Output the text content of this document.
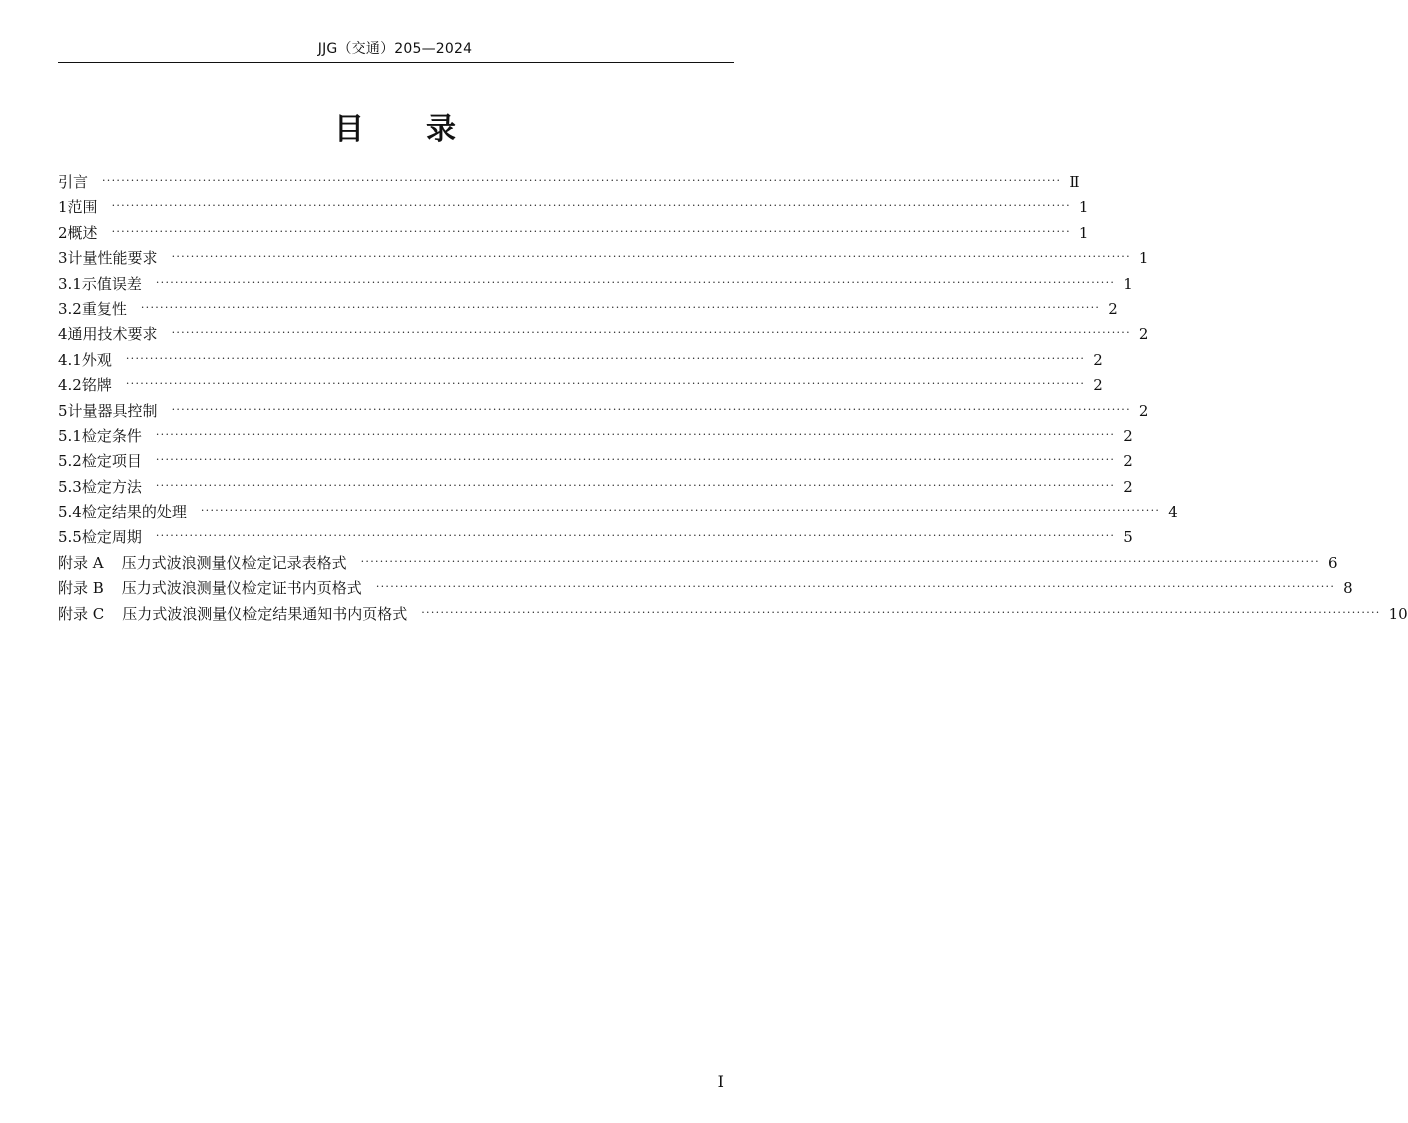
JJG（交通）205—2024
目 录
引言 ········································································································································································································ Ⅱ
1 范围 ········································································································································································································ 1
2 概述 ········································································································································································································ 1
3 计量性能要求 ········································································································································································································ 1
3.1 示值误差 ········································································································································································································ 1
3.2 重复性 ········································································································································································································ 2
4 通用技术要求 ········································································································································································································ 2
4.1 外观 ········································································································································································································ 2
4.2 铭牌 ········································································································································································································ 2
5 计量器具控制 ········································································································································································································ 2
5.1 检定条件 ········································································································································································································ 2
5.2 检定项目 ········································································································································································································ 2
5.3 检定方法 ········································································································································································································ 2
5.4 检定结果的处理 ········································································································································································································ 4
5.5 检定周期 ········································································································································································································ 5
附录 A 压力式波浪测量仪检定记录表格式 ········································································································································································································ 6
附录 B 压力式波浪测量仪检定证书内页格式 ········································································································································································································ 8
附录 C 压力式波浪测量仪检定结果通知书内页格式 ········································································································································································································ 10
Ⅰ
